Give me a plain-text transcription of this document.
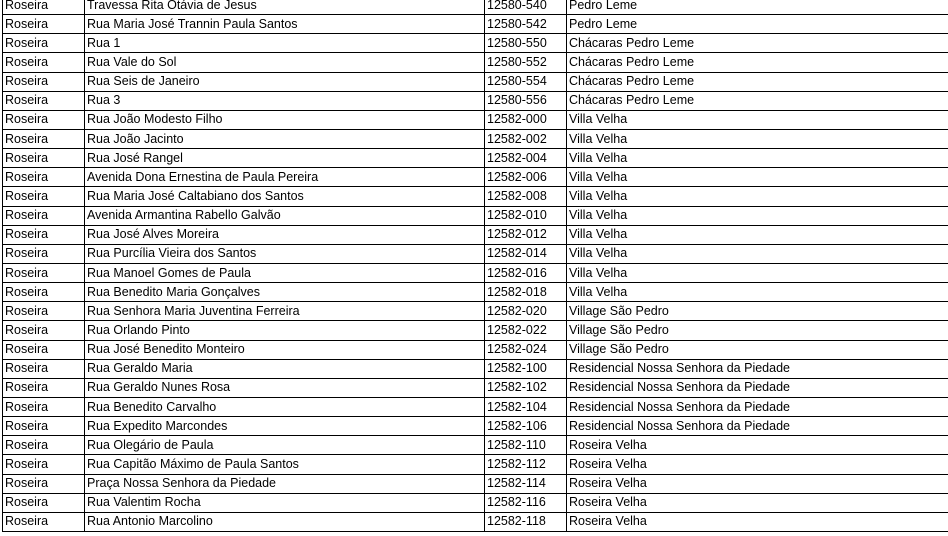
Roseira	Travessa Rita Otávia de Jesus	12580-540	Pedro Leme
Roseira	Rua Maria José Trannin Paula Santos	12580-542	Pedro Leme
Roseira	Rua 1	12580-550	Chácaras Pedro Leme
Roseira	Rua Vale do Sol	12580-552	Chácaras Pedro Leme
Roseira	Rua Seis de Janeiro	12580-554	Chácaras Pedro Leme
Roseira	Rua 3	12580-556	Chácaras Pedro Leme
Roseira	Rua João Modesto Filho	12582-000	Villa Velha
Roseira	Rua João Jacinto	12582-002	Villa Velha
Roseira	Rua José Rangel	12582-004	Villa Velha
Roseira	Avenida Dona Ernestina de Paula Pereira	12582-006	Villa Velha
Roseira	Rua Maria José Caltabiano dos Santos	12582-008	Villa Velha
Roseira	Avenida Armantina Rabello Galvão	12582-010	Villa Velha
Roseira	Rua José Alves Moreira	12582-012	Villa Velha
Roseira	Rua Purcília Vieira dos Santos	12582-014	Villa Velha
Roseira	Rua Manoel Gomes de Paula	12582-016	Villa Velha
Roseira	Rua Benedito Maria Gonçalves	12582-018	Villa Velha
Roseira	Rua Senhora Maria Juventina Ferreira	12582-020	Village São Pedro
Roseira	Rua Orlando Pinto	12582-022	Village São Pedro
Roseira	Rua José Benedito Monteiro	12582-024	Village São Pedro
Roseira	Rua Geraldo Maria	12582-100	Residencial Nossa Senhora da Piedade
Roseira	Rua Geraldo Nunes Rosa	12582-102	Residencial Nossa Senhora da Piedade
Roseira	Rua Benedito Carvalho	12582-104	Residencial Nossa Senhora da Piedade
Roseira	Rua Expedito Marcondes	12582-106	Residencial Nossa Senhora da Piedade
Roseira	Rua Olegário de Paula	12582-110	Roseira Velha
Roseira	Rua Capitão Máximo de Paula Santos	12582-112	Roseira Velha
Roseira	Praça Nossa Senhora da Piedade	12582-114	Roseira Velha
Roseira	Rua Valentim Rocha	12582-116	Roseira Velha
Roseira	Rua Antonio Marcolino	12582-118	Roseira Velha
